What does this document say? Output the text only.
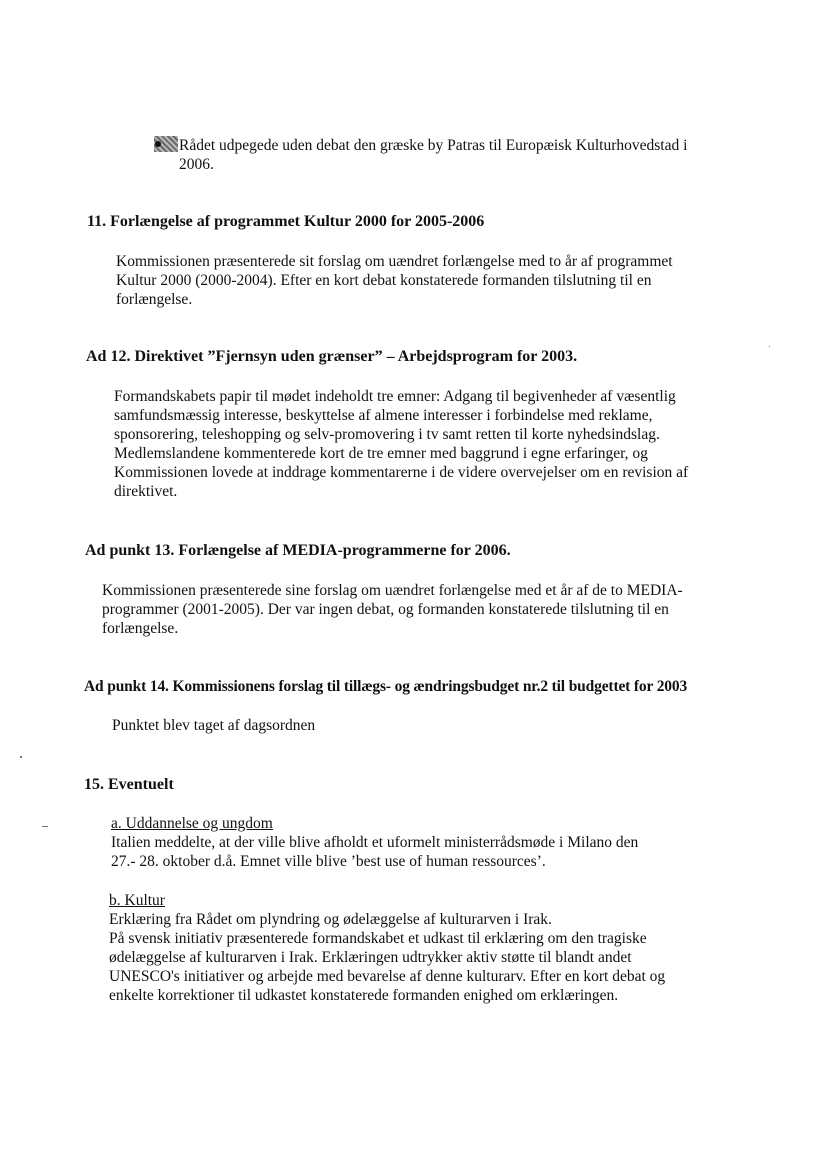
Rådet udpegede uden debat den græske by Patras til Europæisk Kulturhovedstad i
2006.
11. Forlængelse af programmet Kultur 2000 for 2005-2006
Kommissionen præsenterede sit forslag om uændret forlængelse med to år af programmet
Kultur 2000 (2000-2004). Efter en kort debat konstaterede formanden tilslutning til en
forlængelse.
Ad 12. Direktivet ”Fjernsyn uden grænser” – Arbejdsprogram for 2003.
Formandskabets papir til mødet indeholdt tre emner: Adgang til begivenheder af væsentlig
samfundsmæssig interesse, beskyttelse af almene interesser i forbindelse med reklame,
sponsorering, teleshopping og selv-promovering i tv samt retten til korte nyhedsindslag.
Medlemslandene kommenterede kort de tre emner med baggrund i egne erfaringer, og
Kommissionen lovede at inddrage kommentarerne i de videre overvejelser om en revision af
direktivet.
Ad punkt 13. Forlængelse af MEDIA-programmerne for 2006.
Kommissionen præsenterede sine forslag om uændret forlængelse med et år af de to MEDIA-
programmer (2001-2005). Der var ingen debat, og formanden konstaterede tilslutning til en
forlængelse.
Ad punkt 14. Kommissionens forslag til tillægs- og ændringsbudget nr.2 til budgettet for 2003
Punktet blev taget af dagsordnen
15. Eventuelt
a. Uddannelse og ungdom
Italien meddelte, at der ville blive afholdt et uformelt ministerrådsmøde i Milano den
27.- 28. oktober d.å. Emnet ville blive ’best use of human ressources’.
b. Kultur
Erklæring fra Rådet om plyndring og ødelæggelse af kulturarven i Irak.
På svensk initiativ præsenterede formandskabet et udkast til erklæring om den tragiske
ødelæggelse af kulturarven i Irak. Erklæringen udtrykker aktiv støtte til blandt andet
UNESCO's initiativer og arbejde med bevarelse af denne kulturarv. Efter en kort debat og
enkelte korrektioner til udkastet konstaterede formanden enighed om erklæringen.
